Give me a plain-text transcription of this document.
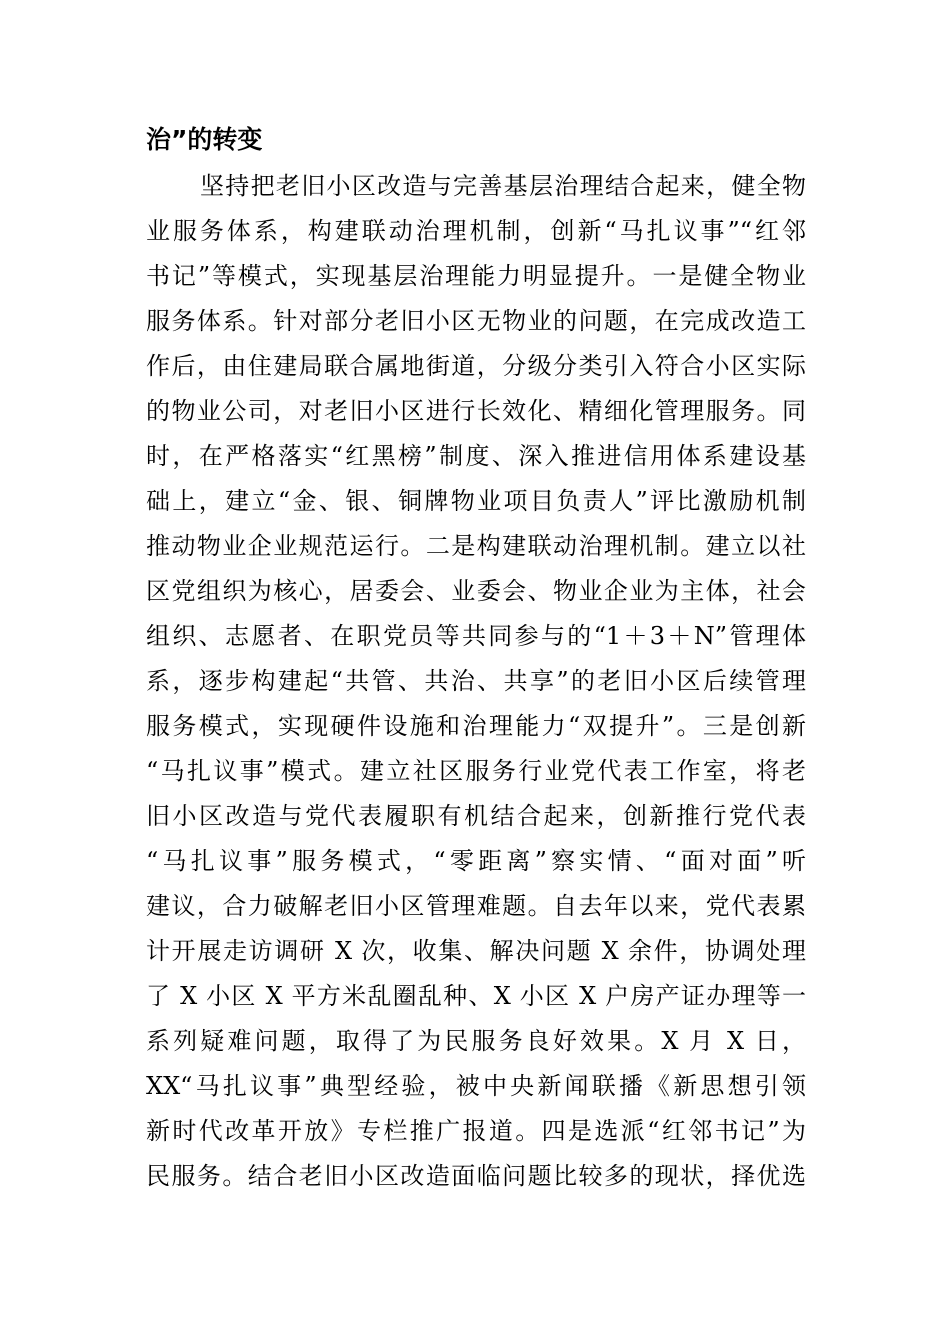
治”的转变
坚持把老旧小区改造与完善基层治理结合起来，健全物
业服务体系，构建联动治理机制，创新“马扎议事”“红邻
书记”等模式，实现基层治理能力明显提升。一是健全物业
服务体系。针对部分老旧小区无物业的问题，在完成改造工
作后，由住建局联合属地街道，分级分类引入符合小区实际
的物业公司，对老旧小区进行长效化、精细化管理服务。同
时，在严格落实“红黑榜”制度、深入推进信用体系建设基
础上，建立“金、银、铜牌物业项目负责人”评比激励机制
推动物业企业规范运行。二是构建联动治理机制。建立以社
区党组织为核心，居委会、业委会、物业企业为主体，社会
组织、志愿者、在职党员等共同参与的“1＋3＋N”管理体
系，逐步构建起“共管、共治、共享”的老旧小区后续管理
服务模式，实现硬件设施和治理能力“双提升”。三是创新
“马扎议事”模式。建立社区服务行业党代表工作室，将老
旧小区改造与党代表履职有机结合起来，创新推行党代表
“马扎议事”服务模式，“零距离”察实情、“面对面”听
建议，合力破解老旧小区管理难题。自去年以来，党代表累
计开展走访调研 X 次，收集、解决问题 X 余件，协调处理
了 X 小区 X 平方米乱圈乱种、X 小区 X 户房产证办理等一
系列疑难问题，取得了为民服务良好效果。X 月 X 日，
XX“马扎议事”典型经验，被中央新闻联播《新思想引领
新时代改革开放》专栏推广报道。四是选派“红邻书记”为
民服务。结合老旧小区改造面临问题比较多的现状，择优选
